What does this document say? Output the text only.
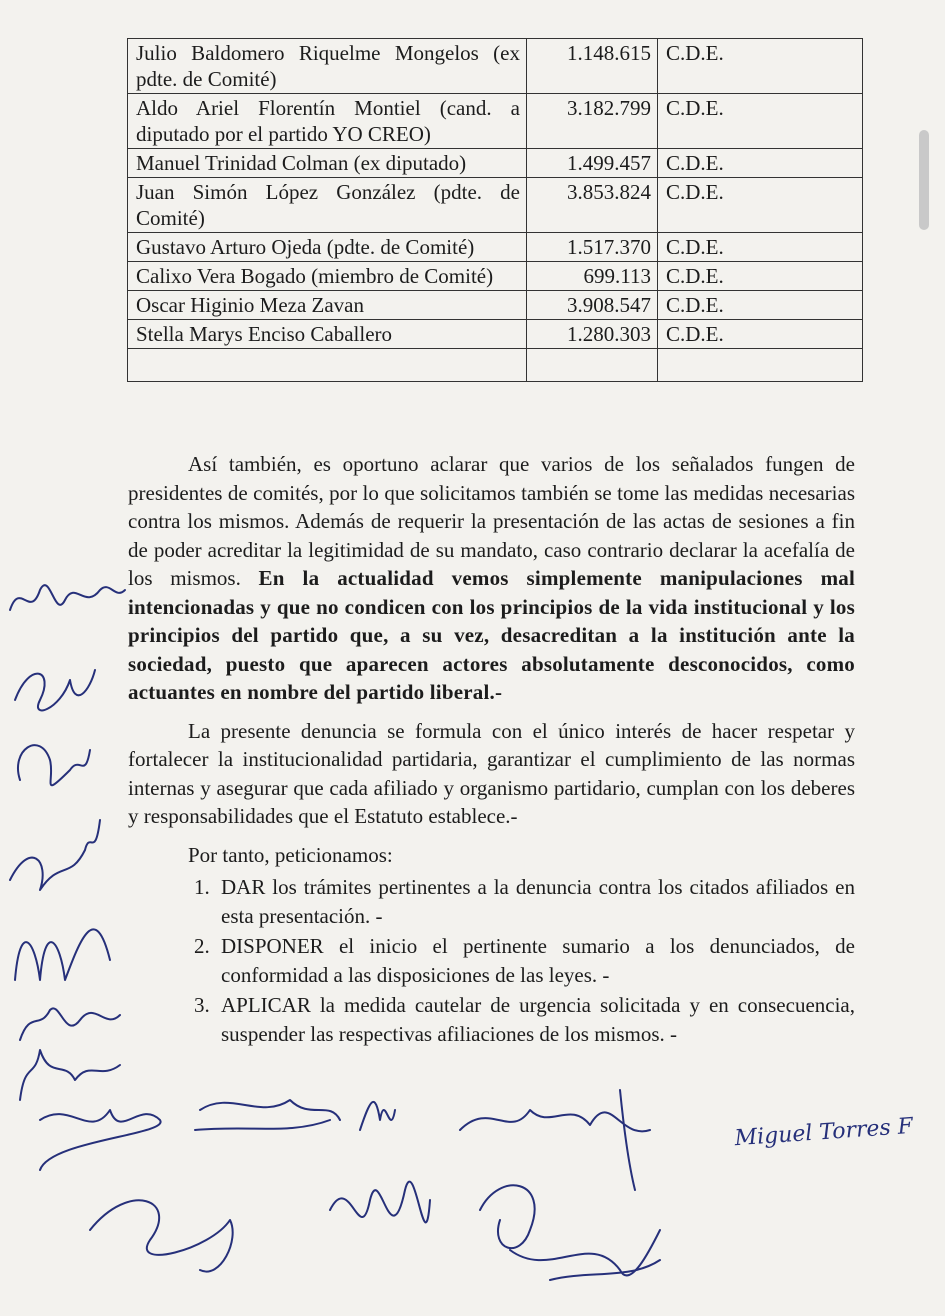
Julio Baldomero Riquelme Mongelos (ex pdte. de Comité)	1.148.615	C.D.E.
Aldo Ariel Florentín Montiel (cand. a diputado por el partido YO CREO)	3.182.799	C.D.E.
Manuel Trinidad Colman (ex diputado)	1.499.457	C.D.E.
Juan Simón López González (pdte. de Comité)	3.853.824	C.D.E.
Gustavo Arturo Ojeda (pdte. de Comité)	1.517.370	C.D.E.
Calixo Vera Bogado (miembro de Comité)	699.113	C.D.E.
Oscar Higinio Meza Zavan	3.908.547	C.D.E.
Stella Marys Enciso Caballero	1.280.303	C.D.E.

Así también, es oportuno aclarar que varios de los señalados fungen de presidentes de comités, por lo que solicitamos también se tome las medidas necesarias contra los mismos. Además de requerir la presentación de las actas de sesiones a fin de poder acreditar la legitimidad de su mandato, caso contrario declarar la acefalía de los mismos. En la actualidad vemos simplemente manipulaciones mal intencionadas y que no condicen con los principios de la vida institucional y los principios del partido que, a su vez, desacreditan a la institución ante la sociedad, puesto que aparecen actores absolutamente desconocidos, como actuantes en nombre del partido liberal.-

La presente denuncia se formula con el único interés de hacer respetar y fortalecer la institucionalidad partidaria, garantizar el cumplimiento de las normas internas y asegurar que cada afiliado y organismo partidario, cumplan con los deberes y responsabilidades que el Estatuto establece.-

Por tanto, peticionamos:

1. DAR los trámites pertinentes a la denuncia contra los citados afiliados en esta presentación. -
2. DISPONER el inicio el pertinente sumario a los denunciados, de conformidad a las disposiciones de las leyes. -
3. APLICAR la medida cautelar de urgencia solicitada y en consecuencia, suspender las respectivas afiliaciones de los mismos. -
Miguel Torres F
